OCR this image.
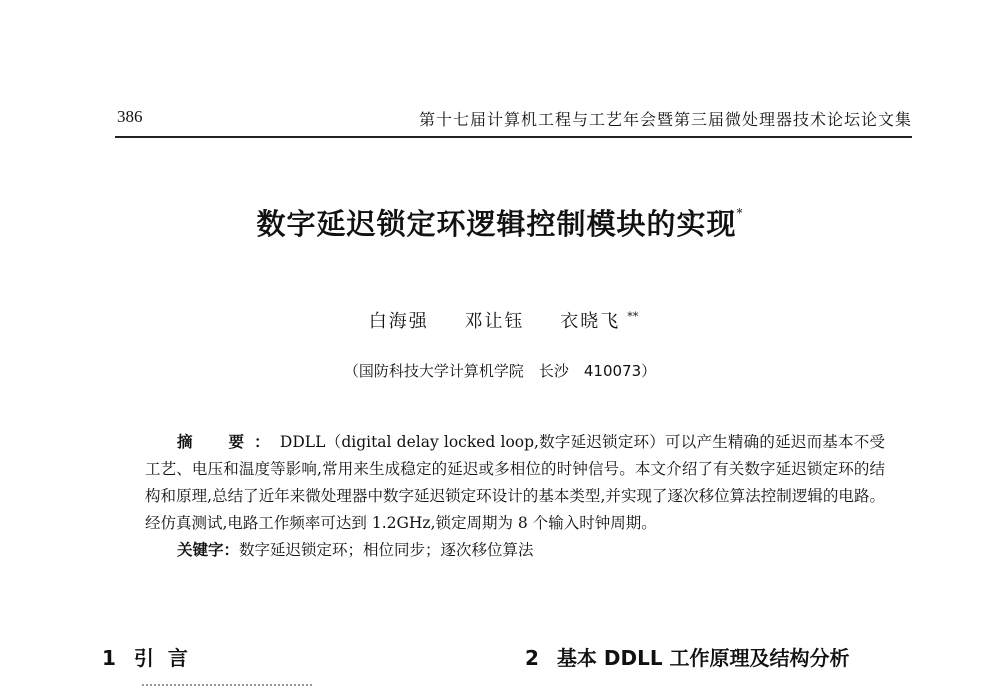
386	第十七届计算机工程与工艺年会暨第三届微处理器技术论坛论文集
数字延迟锁定环逻辑控制模块的实现*
白海强 邓让钰 衣晓飞 **
（国防科技大学计算机学院　长沙　410073）

摘　要：DDLL（digital delay locked loop,数字延迟锁定环）可以产生精确的延迟而基本不受工艺、电压和温度等影响,常用来生成稳定的延迟或多相位的时钟信号。本文介绍了有关数字延迟锁定环的结构和原理,总结了近年来微处理器中数字延迟锁定环设计的基本类型,并实现了逐次移位算法控制逻辑的电路。经仿真测试,电路工作频率可达到 1.2GHz,锁定周期为 8 个输入时钟周期。

关键字：数字延迟锁定环；相位同步；逐次移位算法

1 引言	2 基本 DDLL 工作原理及结构分析
